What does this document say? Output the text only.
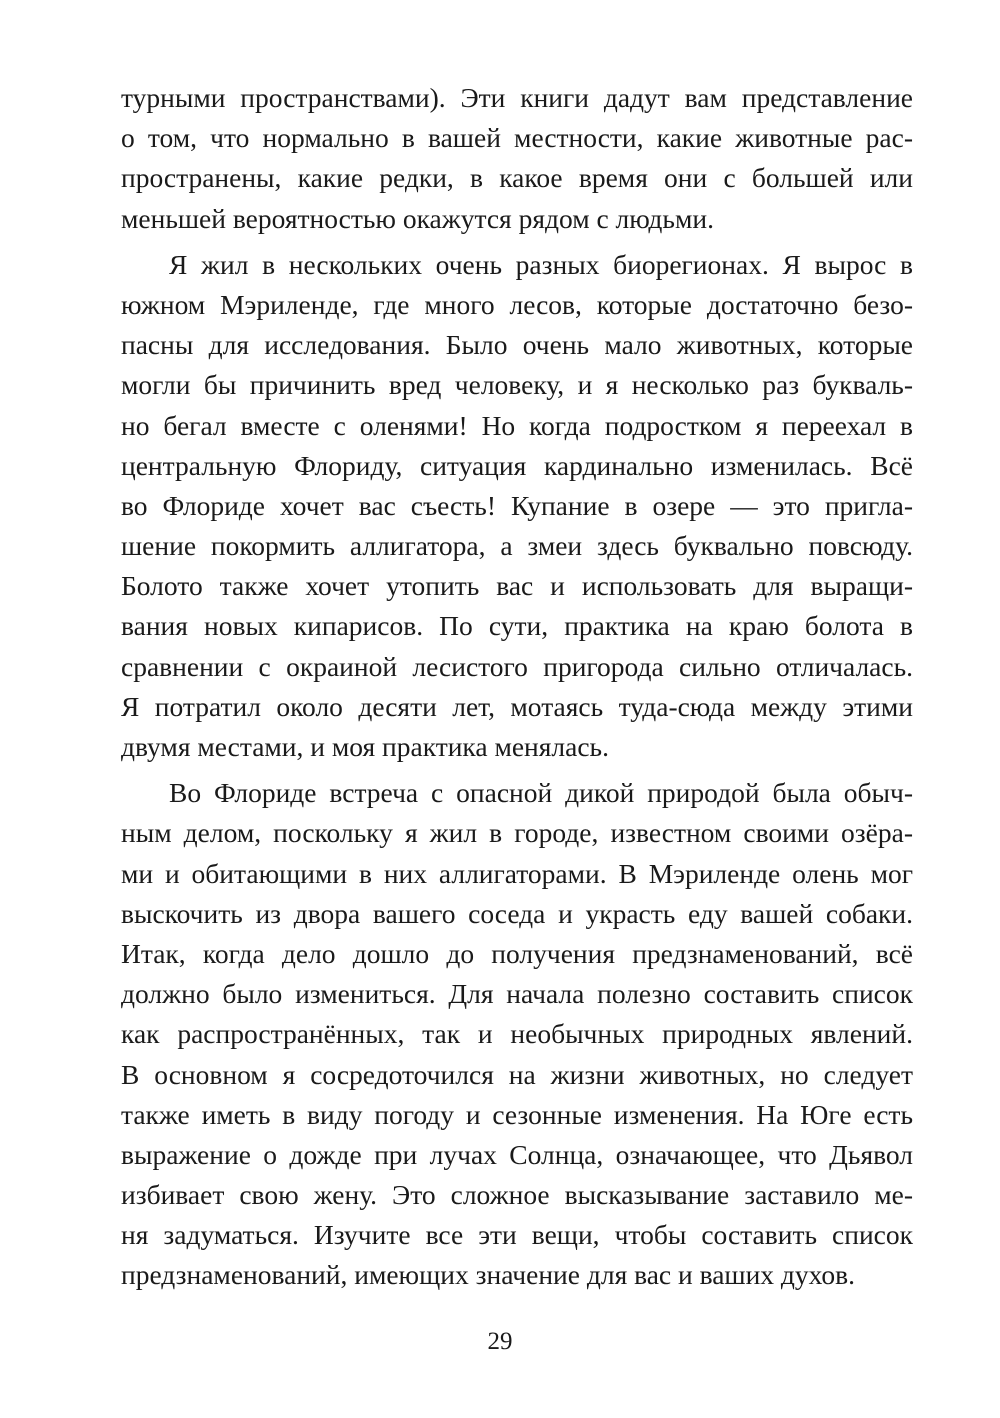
турными пространствами). Эти книги дадут вам представление
о том, что нормально в вашей местности, какие животные рас-
пространены, какие редки, в какое время они с большей или
меньшей вероятностью окажутся рядом с людьми.
Я жил в нескольких очень разных биорегионах. Я вырос в
южном Мэриленде, где много лесов, которые достаточно безо-
пасны для исследования. Было очень мало животных, которые
могли бы причинить вред человеку, и я несколько раз букваль-
но бегал вместе с оленями! Но когда подростком я переехал в
центральную Флориду, ситуация кардинально изменилась. Всё
во Флориде хочет вас съесть! Купание в озере — это пригла-
шение покормить аллигатора, а змеи здесь буквально повсюду.
Болото также хочет утопить вас и использовать для выращи-
вания новых кипарисов. По сути, практика на краю болота в
сравнении с окраиной лесистого пригорода сильно отличалась.
Я потратил около десяти лет, мотаясь туда-сюда между этими
двумя местами, и моя практика менялась.
Во Флориде встреча с опасной дикой природой была обыч-
ным делом, поскольку я жил в городе, известном своими озёра-
ми и обитающими в них аллигаторами. В Мэриленде олень мог
выскочить из двора вашего соседа и украсть еду вашей собаки.
Итак, когда дело дошло до получения предзнаменований, всё
должно было измениться. Для начала полезно составить список
как распространённых, так и необычных природных явлений.
В основном я сосредоточился на жизни животных, но следует
также иметь в виду погоду и сезонные изменения. На Юге есть
выражение о дожде при лучах Солнца, означающее, что Дьявол
избивает свою жену. Это сложное высказывание заставило ме-
ня задуматься. Изучите все эти вещи, чтобы составить список
предзнаменований, имеющих значение для вас и ваших духов.
29
